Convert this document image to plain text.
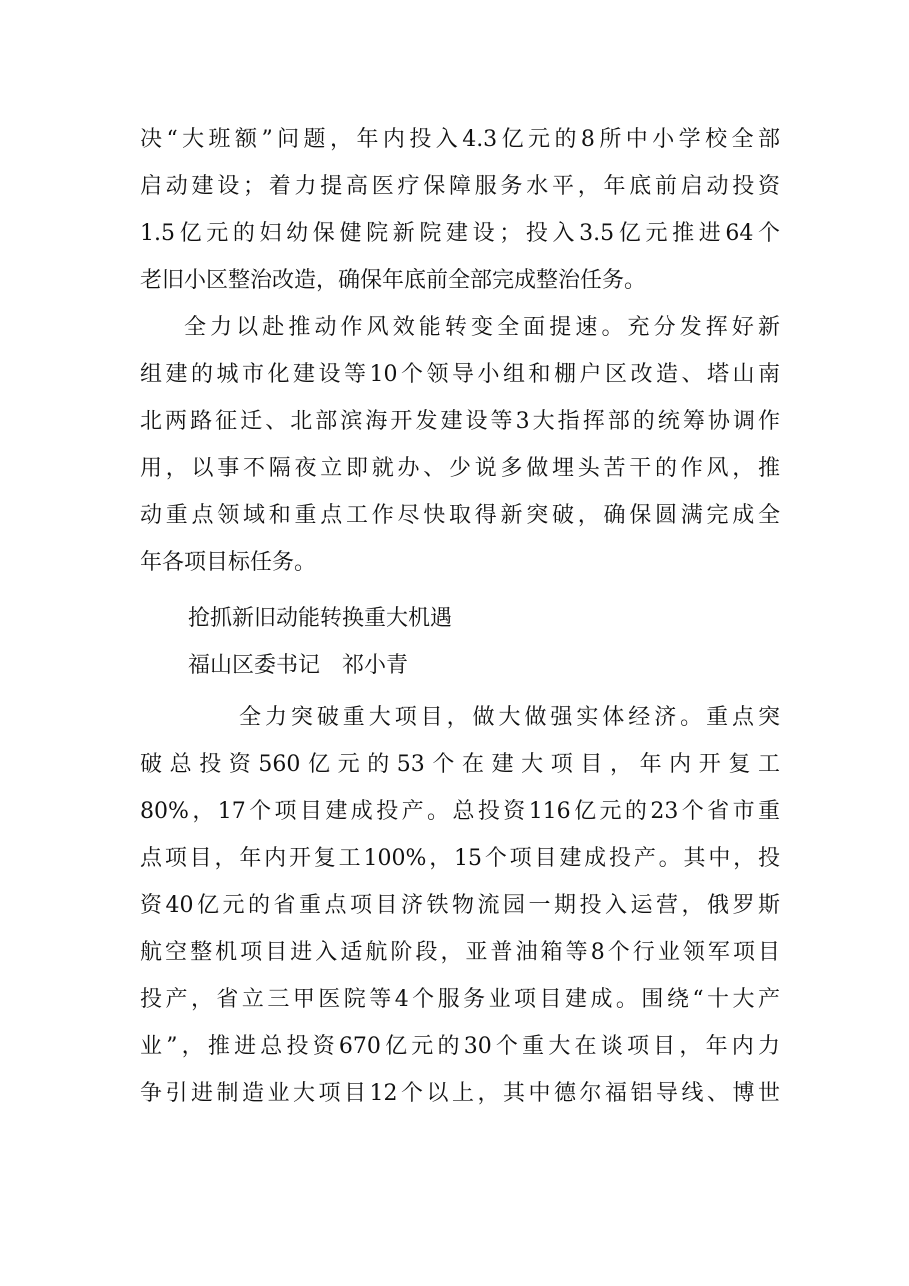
决“大班额”问题，年内投入4.3亿元的8所中小学校全部
启动建设；着力提高医疗保障服务水平，年底前启动投资
1.5亿元的妇幼保健院新院建设；投入3.5亿元推进64个
老旧小区整治改造，确保年底前全部完成整治任务。
全力以赴推动作风效能转变全面提速。充分发挥好新
组建的城市化建设等10个领导小组和棚户区改造、塔山南
北两路征迁、北部滨海开发建设等3大指挥部的统筹协调作
用，以事不隔夜立即就办、少说多做埋头苦干的作风，推
动重点领域和重点工作尽快取得新突破，确保圆满完成全
年各项目标任务。
抢抓新旧动能转换重大机遇
福山区委书记　祁小青
全力突破重大项目，做大做强实体经济。重点突
破总投资560亿元的53个在建大项目，年内开复工
80%，17个项目建成投产。总投资116亿元的23个省市重
点项目，年内开复工100%，15个项目建成投产。其中，投
资40亿元的省重点项目济铁物流园一期投入运营，俄罗斯
航空整机项目进入适航阶段，亚普油箱等8个行业领军项目
投产，省立三甲医院等4个服务业项目建成。围绕“十大产
业”，推进总投资670亿元的30个重大在谈项目，年内力
争引进制造业大项目12个以上，其中德尔福铝导线、博世
